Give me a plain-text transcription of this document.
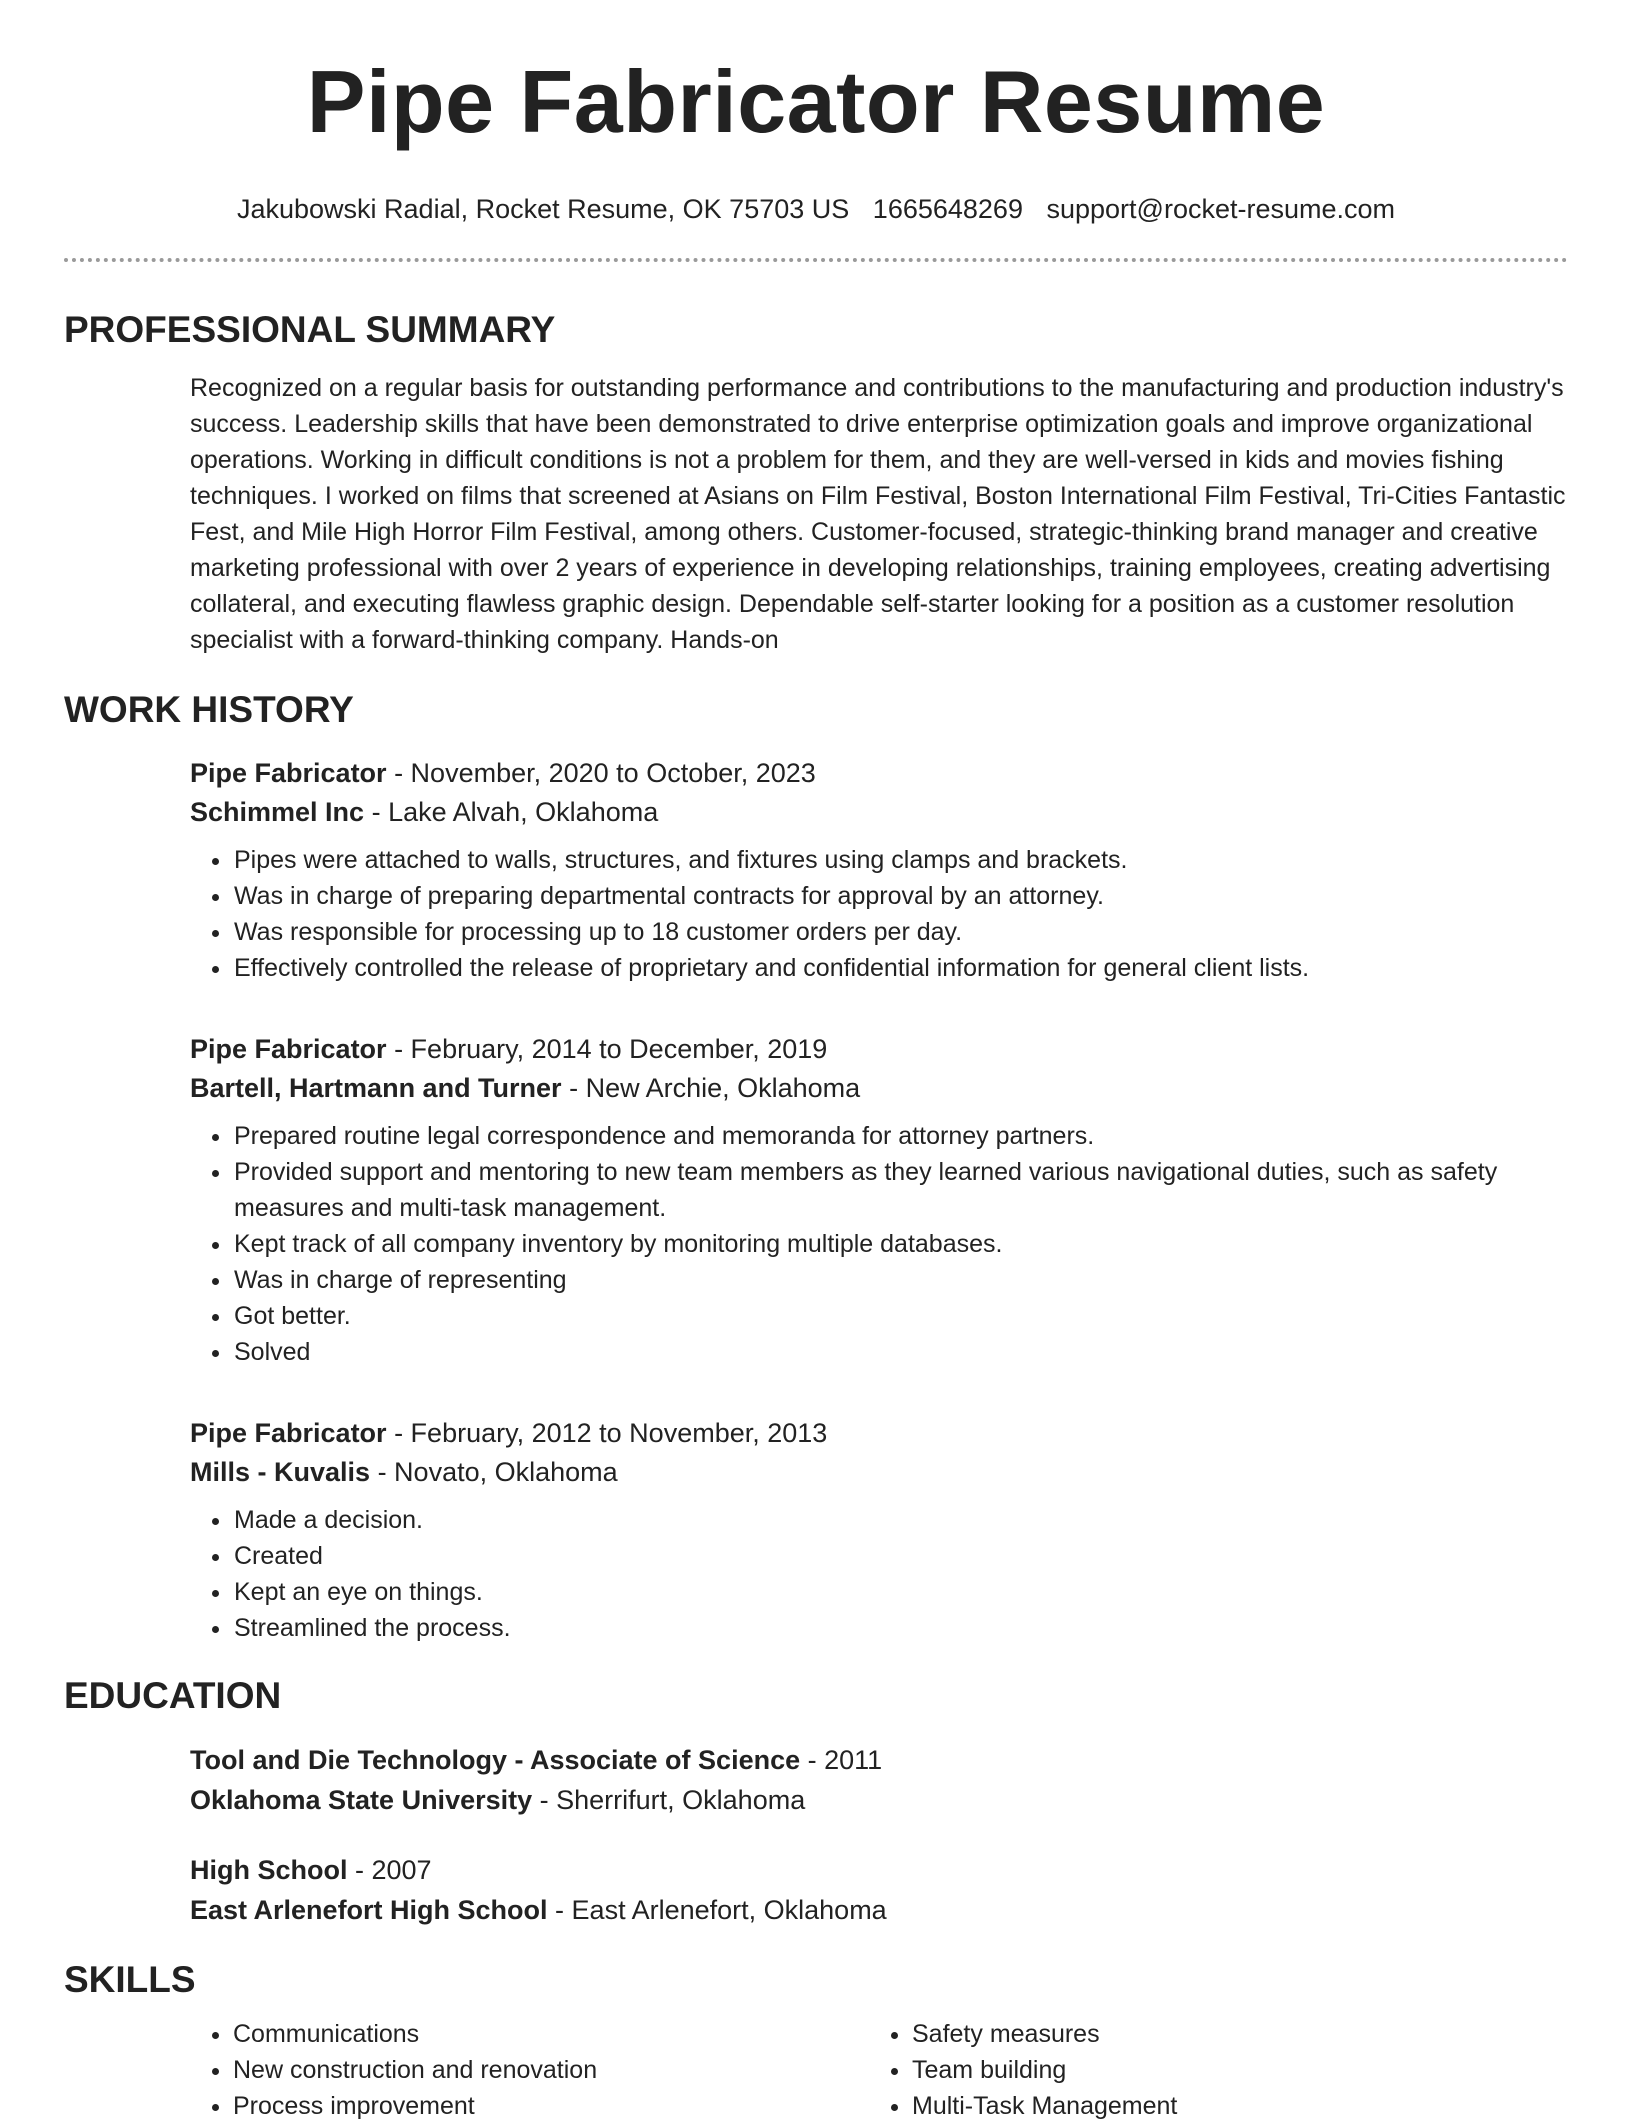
Pipe Fabricator Resume
Jakubowski Radial, Rocket Resume, OK 75703 US 1665648269 support@rocket-resume.com
PROFESSIONAL SUMMARY

Recognized on a regular basis for outstanding performance and contributions to the manufacturing and production industry's success. Leadership skills that have been demonstrated to drive enterprise optimization goals and improve organizational operations. Working in difficult conditions is not a problem for them, and they are well-versed in kids and movies fishing techniques. I worked on films that screened at Asians on Film Festival, Boston International Film Festival, Tri-Cities Fantastic Fest, and Mile High Horror Film Festival, among others. Customer-focused, strategic-thinking brand manager and creative marketing professional with over 2 years of experience in developing relationships, training employees, creating advertising collateral, and executing flawless graphic design. Dependable self-starter looking for a position as a customer resolution specialist with a forward-thinking company. Hands-on

WORK HISTORY
Pipe Fabricator - November, 2020 to October, 2023
Schimmel Inc - Lake Alvah, Oklahoma
• Pipes were attached to walls, structures, and fixtures using clamps and brackets.
• Was in charge of preparing departmental contracts for approval by an attorney.
• Was responsible for processing up to 18 customer orders per day.
• Effectively controlled the release of proprietary and confidential information for general client lists.
Pipe Fabricator - February, 2014 to December, 2019
Bartell, Hartmann and Turner - New Archie, Oklahoma
• Prepared routine legal correspondence and memoranda for attorney partners.
• Provided support and mentoring to new team members as they learned various navigational duties, such as safety measures and multi-task management.
• Kept track of all company inventory by monitoring multiple databases.
• Was in charge of representing
• Got better.
• Solved
Pipe Fabricator - February, 2012 to November, 2013
Mills - Kuvalis - Novato, Oklahoma
• Made a decision.
• Created
• Kept an eye on things.
• Streamlined the process.
EDUCATION
Tool and Die Technology - Associate of Science - 2011
Oklahoma State University - Sherrifurt, Oklahoma
High School - 2007
East Arlenefort High School - East Arlenefort, Oklahoma
SKILLS
• Communications
• New construction and renovation
• Process improvement
• Safety measures
• Team building
• Multi-Task Management
